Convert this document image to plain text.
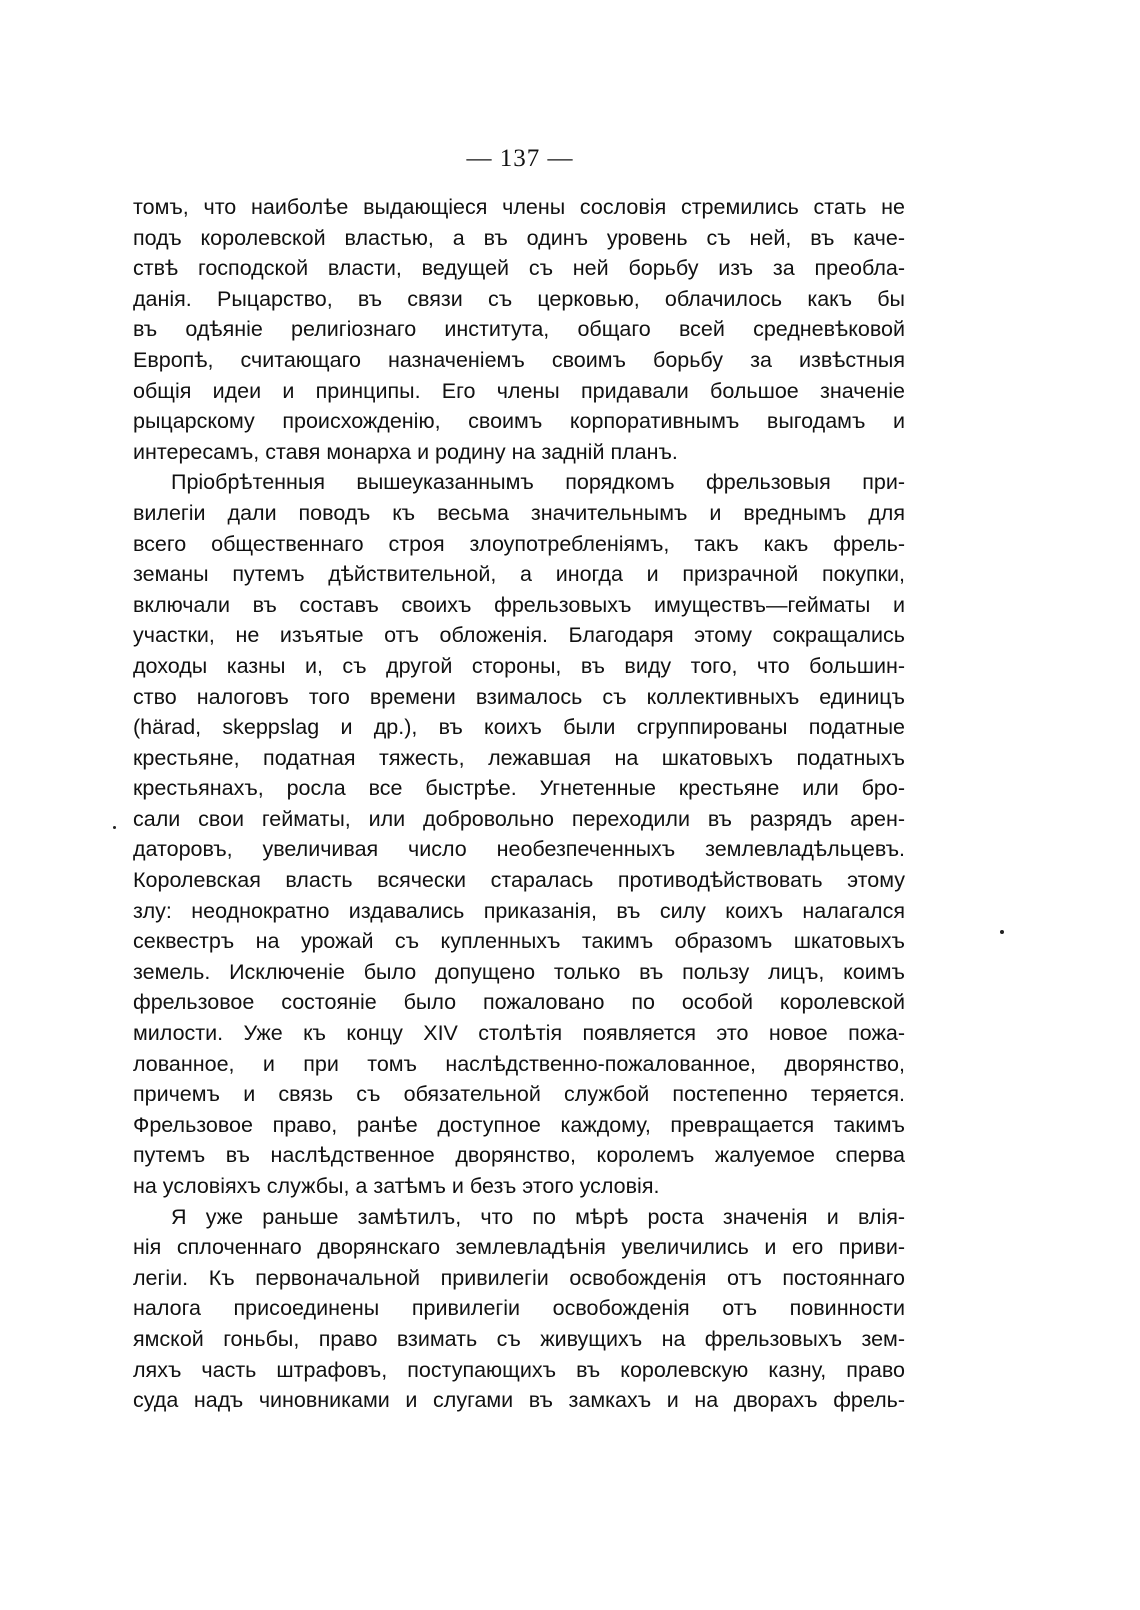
— 137 —
томъ, что наиболѣе выдающіеся члены сословія стремились стать не
подъ королевской властью, а въ одинъ уровень съ ней, въ каче-
ствѣ господской власти, ведущей съ ней борьбу изъ за преобла-
данія. Рыцарство, въ связи съ церковью, облачилось какъ бы
въ одѣяніе религіознаго института, общаго всей средневѣковой
Европѣ, считающаго назначеніемъ своимъ борьбу за извѣстныя
общія идеи и принципы. Его члены придавали большое значеніе
рыцарскому происхожденію, своимъ корпоративнымъ выгодамъ и
интересамъ, ставя монарха и родину на задній планъ.
Пріобрѣтенныя вышеуказаннымъ порядкомъ фрельзовыя при-
вилегіи дали поводъ къ весьма значительнымъ и вреднымъ для
всего общественнаго строя злоупотребленіямъ, такъ какъ фрель-
земаны путемъ дѣйствительной, а иногда и призрачной покупки,
включали въ составъ своихъ фрельзовыхъ имуществъ—гейматы и
участки, не изъятые отъ обложенія. Благодаря этому сокращались
доходы казны и, съ другой стороны, въ виду того, что большин-
ство налоговъ того времени взималось съ коллективныхъ единицъ
(härad, skeppslag и др.), въ коихъ были сгруппированы податные
крестьяне, податная тяжесть, лежавшая на шкатовыхъ податныхъ
крестьянахъ, росла все быстрѣе. Угнетенные крестьяне или бро-
сали свои гейматы, или добровольно переходили въ разрядъ арен-
даторовъ, увеличивая число необезпеченныхъ землевладѣльцевъ.
Королевская власть всячески старалась противодѣйствовать этому
злу: неоднократно издавались приказанія, въ силу коихъ налагался
секвестръ на урожай съ купленныхъ такимъ образомъ шкатовыхъ
земель. Исключеніе было допущено только въ пользу лицъ, коимъ
фрельзовое состояніе было пожаловано по особой королевской
милости. Уже къ концу XIV столѣтія появляется это новое пожа-
лованное, и при томъ наслѣдственно-пожалованное, дворянство,
причемъ и связь съ обязательной службой постепенно теряется.
Фрельзовое право, ранѣе доступное каждому, превращается такимъ
путемъ въ наслѣдственное дворянство, королемъ жалуемое сперва
на условіяхъ службы, а затѣмъ и безъ этого условія.
Я уже раньше замѣтилъ, что по мѣрѣ роста значенія и влія-
нія сплоченнаго дворянскаго землевладѣнія увеличились и его приви-
легіи. Къ первоначальной привилегіи освобожденія отъ постояннаго
налога присоединены привилегіи освобожденія отъ повинности
ямской гоньбы, право взимать съ живущихъ на фрельзовыхъ зем-
ляхъ часть штрафовъ, поступающихъ въ королевскую казну, право
суда надъ чиновниками и слугами въ замкахъ и на дворахъ фрель-
